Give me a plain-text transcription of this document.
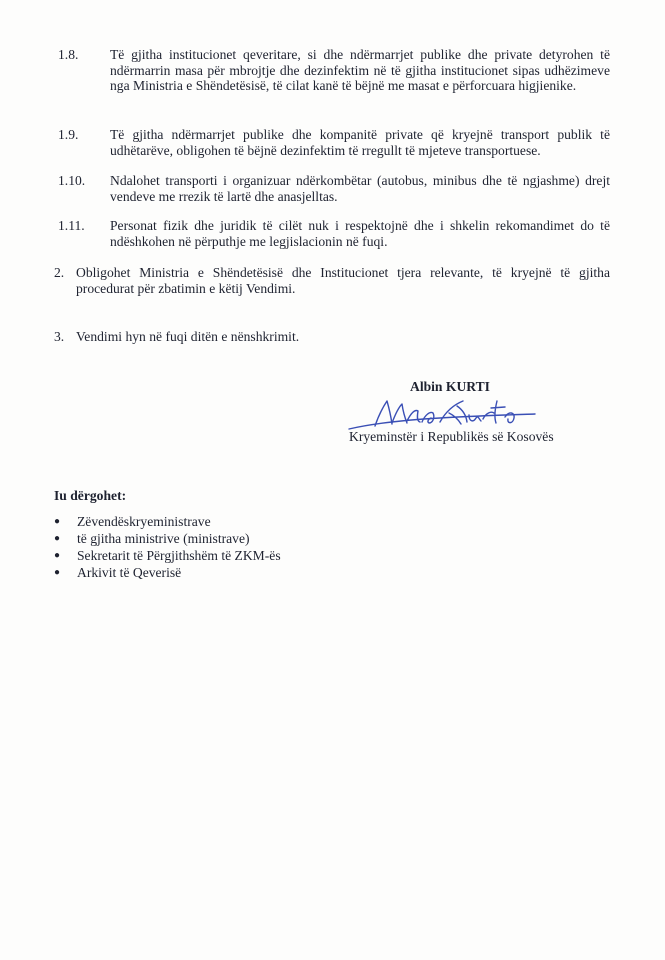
1.8.	Të gjitha institucionet qeveritare, si dhe ndërmarrjet publike dhe private detyrohen të ndërmarrin masa për mbrojtje dhe dezinfektim në të gjitha institucionet sipas udhëzimeve nga Ministria e Shëndetësisë, të cilat kanë të bëjnë me masat e përforcuara higjienike.
1.9.	Të gjitha ndërmarrjet publike dhe kompanitë private që kryejnë transport publik të udhëtarëve, obligohen të bëjnë dezinfektim të rregullt të mjeteve transportuese.
1.10.	Ndalohet transporti i organizuar ndërkombëtar (autobus, minibus dhe të ngjashme) drejt vendeve me rrezik të lartë dhe anasjelltas.
1.11.	Personat fizik dhe juridik të cilët nuk i respektojnë dhe i shkelin rekomandimet do të ndëshkohen në përputhje me legjislacionin në fuqi.
2. Obligohet Ministria e Shëndetësisë dhe Institucionet tjera relevante, të kryejnë të gjitha procedurat për zbatimin e këtij Vendimi.
3. Vendimi hyn në fuqi ditën e nënshkrimit.
Albin KURTI
Kryeminstër i Republikës së Kosovës
Iu dërgohet:
●	Zëvendëskryeministrave
●	të gjitha ministrive (ministrave)
●	Sekretarit të Përgjithshëm të ZKM-ës
●	Arkivit të Qeverisë
